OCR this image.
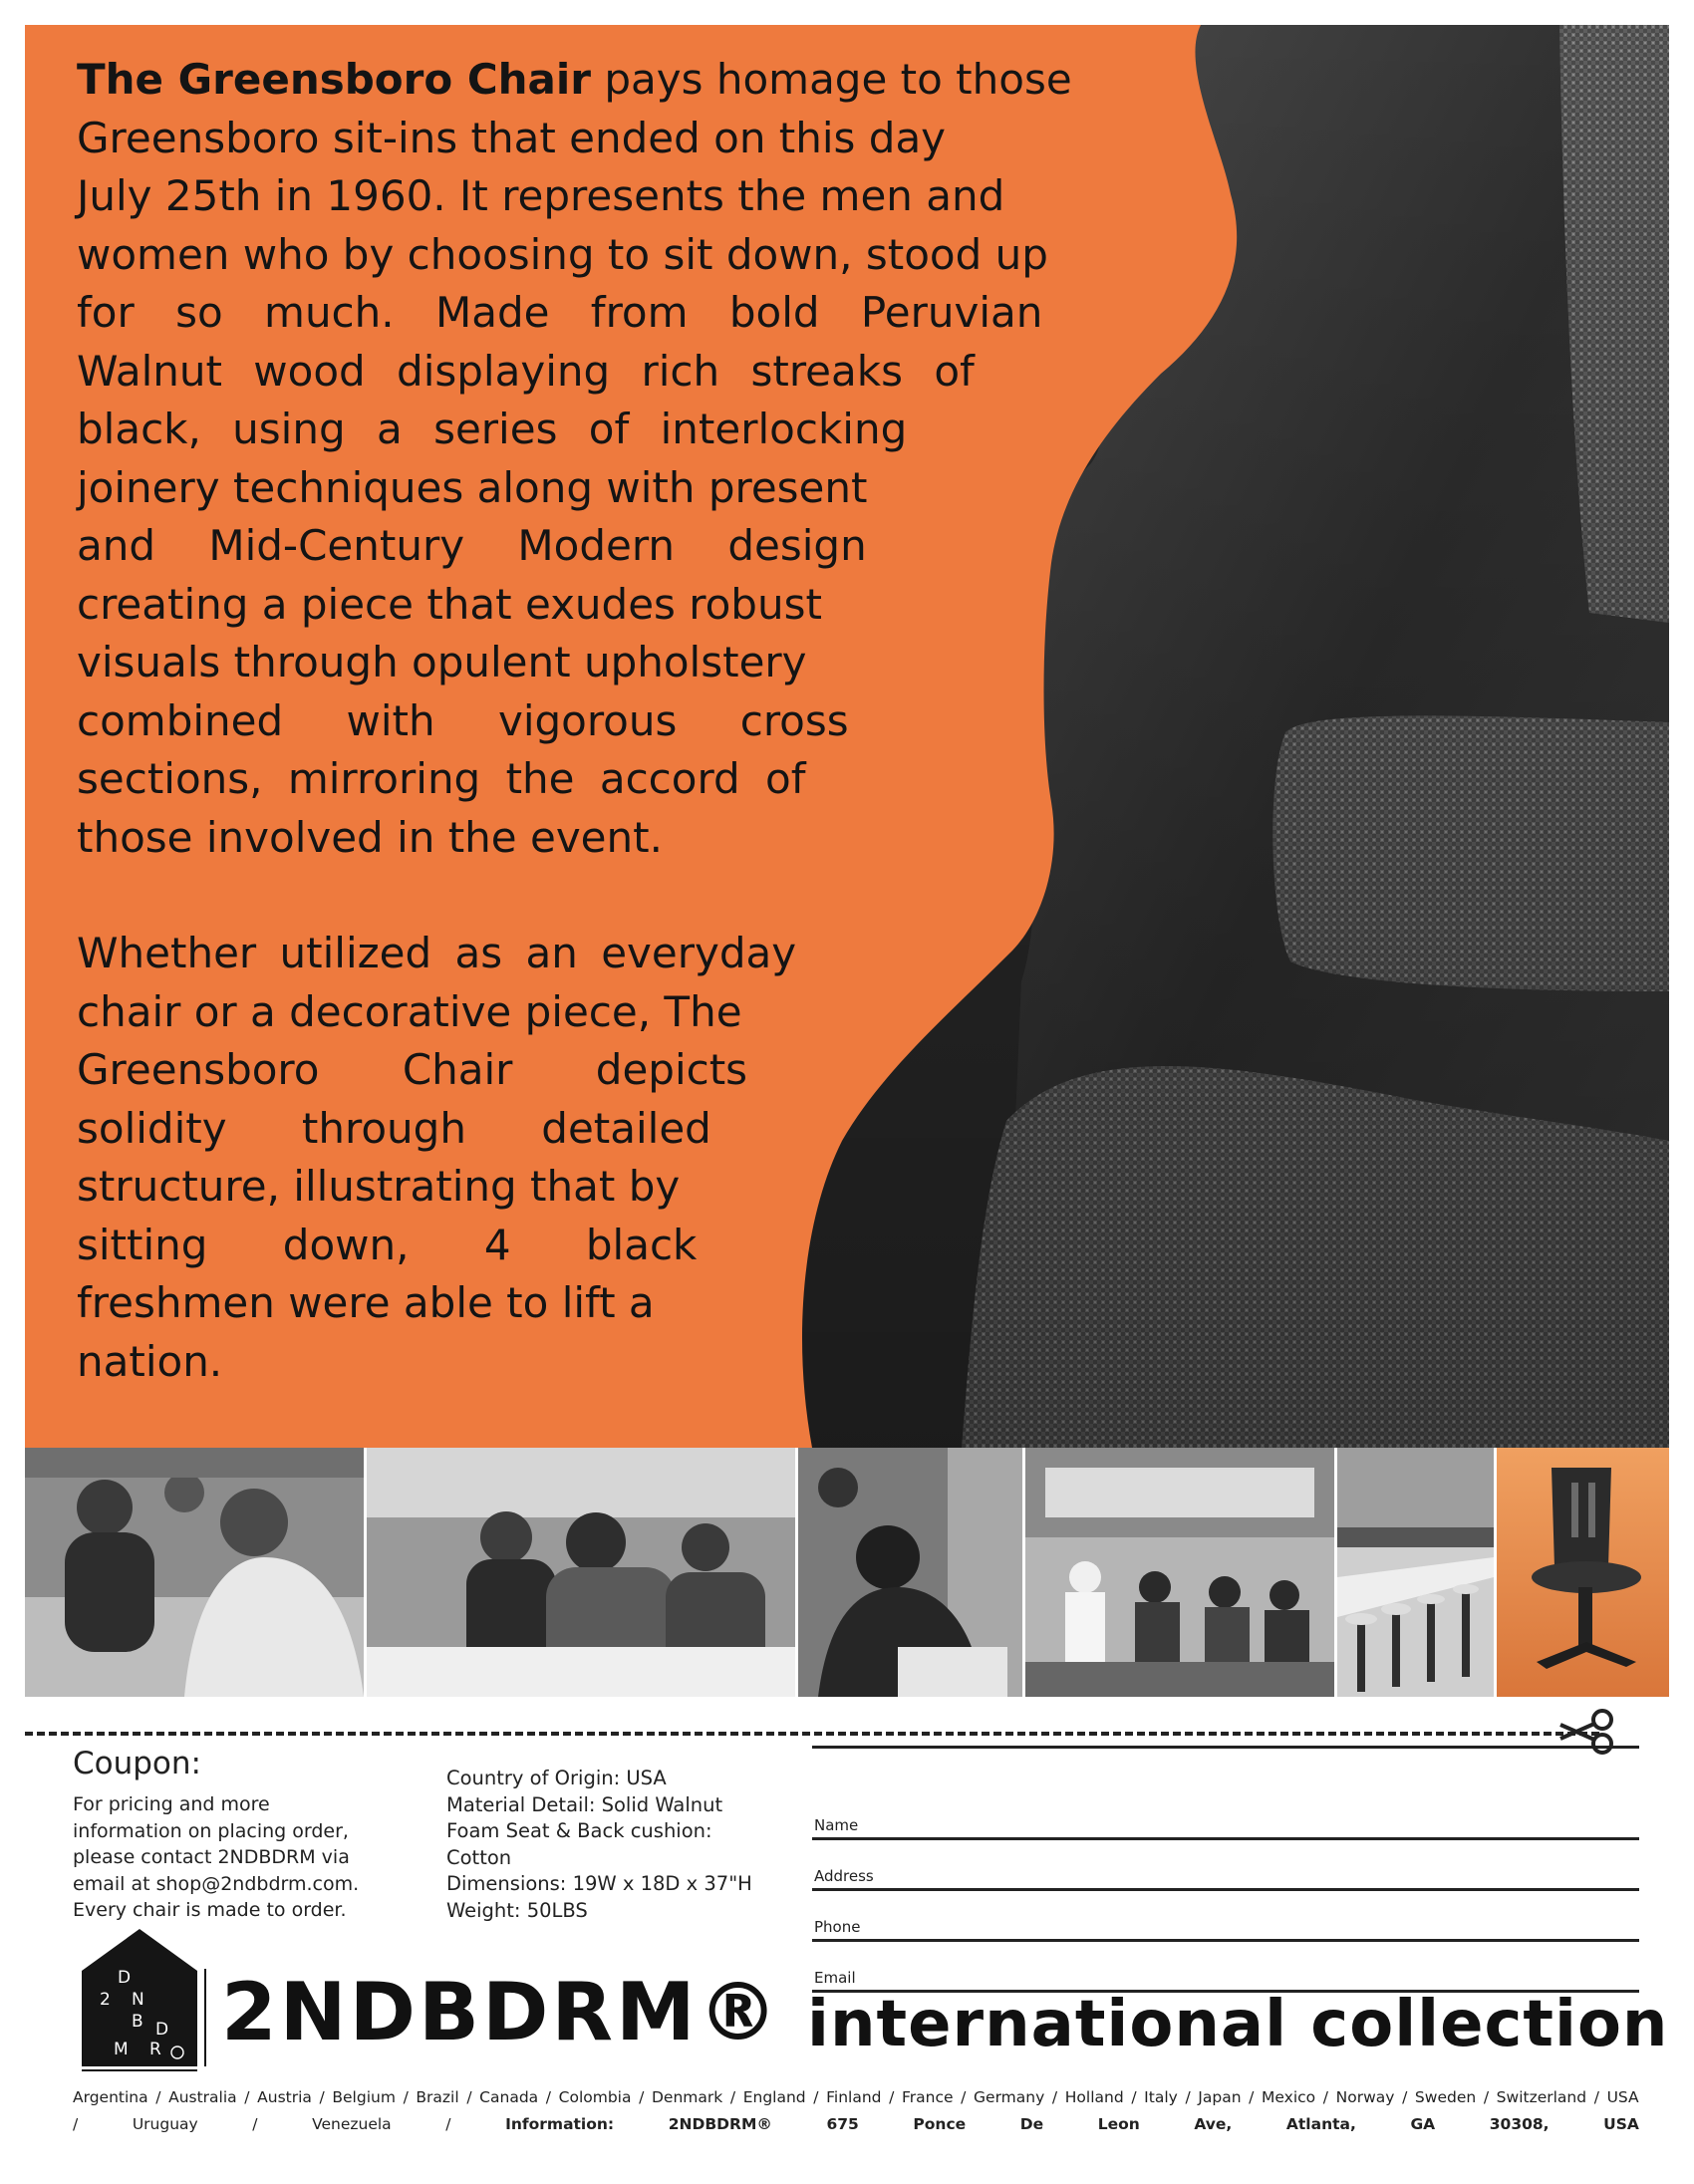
The Greensboro Chair pays homage to those
Greensboro sit-ins that ended on this day
July 25th in 1960. It represents the men and
women who by choosing to sit down, stood up
for so much. Made from bold Peruvian
Walnut wood displaying rich streaks of
black, using a series of interlocking
joinery techniques along with present
and Mid-Century Modern design
creating a piece that exudes robust
visuals through opulent upholstery
combined with vigorous cross
sections, mirroring the accord of
those involved in the event.

Whether utilized as an everyday
chair or a decorative piece, The
Greensboro Chair depicts
solidity through detailed
structure, illustrating that by
sitting down, 4 black
freshmen were able to lift a
nation.

Coupon:
For pricing and more
information on placing order,
please contact 2NDBDRM via
email at shop@2ndbdrm.com.
Every chair is made to order.
Country of Origin: USA
Material Detail: Solid Walnut
Foam Seat & Back cushion:
Cotton
Dimensions: 19W x 18D x 37"H
Weight: 50LBS
Name
Address
Phone
Email
D
2 N
B D
R
M 2NDBDRM® international collection
Argentina / Australia / Austria / Belgium / Brazil / Canada / Colombia / Denmark / England / Finland / France / Germany / Holland / Italy / Japan / Mexico / Norway / Sweden / Switzerland / USA
/	Uruguay	/	Venezuela	/	Information:	2NDBDRM®	675	Ponce	De	Leon	Ave,	Atlanta,	GA	30308,	USA
